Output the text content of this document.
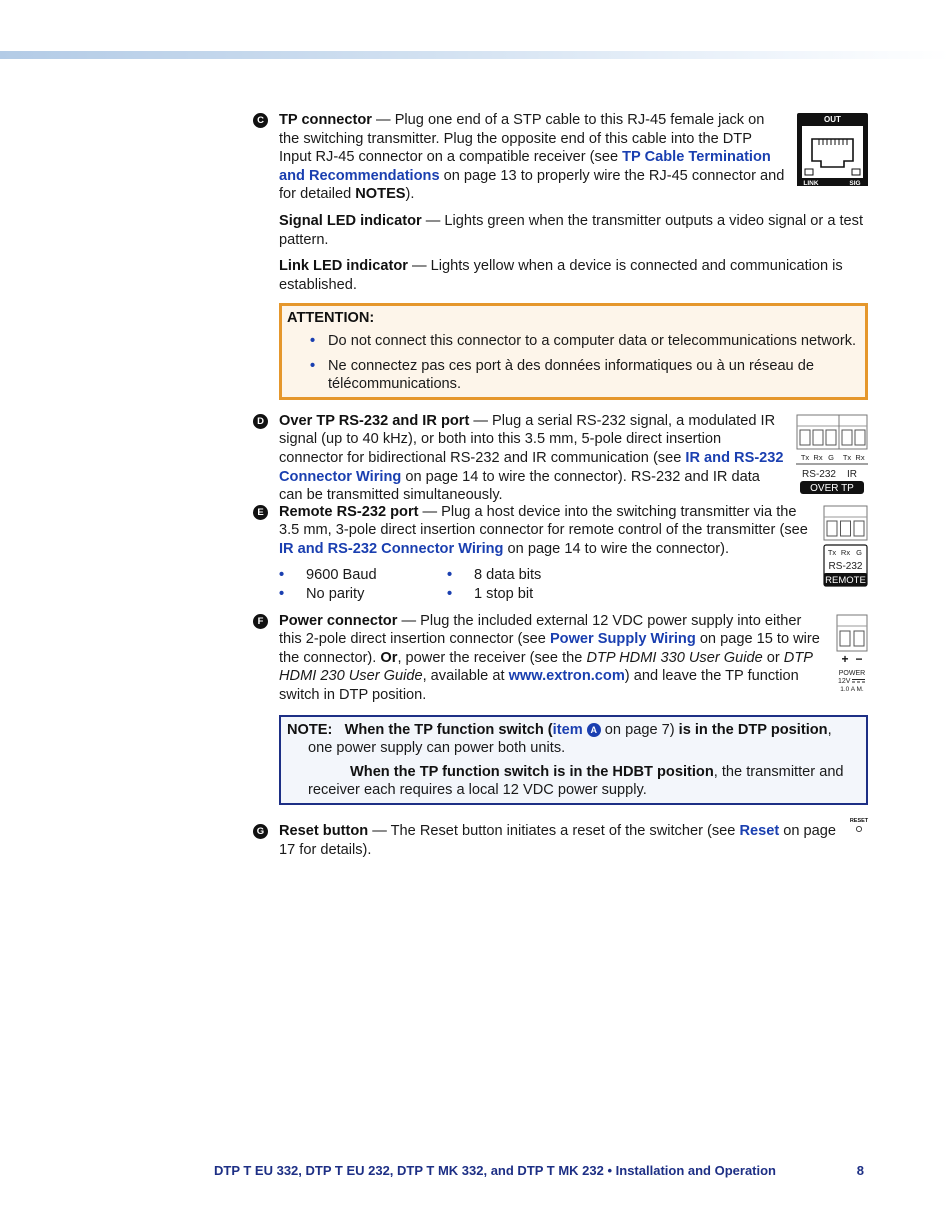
C	OUT
LINK	SIG

TP connector — Plug one end of a STP cable to this RJ-45 female jack on the switching transmitter. Plug the opposite end of this cable into the DTP Input RJ-45 connector on a compatible receiver (see TP Cable Termination and Recommendations on page 13 to properly wire the RJ-45 connector and for detailed NOTES).

Signal LED indicator — Lights green when the transmitter outputs a video signal or a test pattern.

Link LED indicator — Lights yellow when a device is connected and communication is established.

ATTENTION:
• Do not connect this connector to a computer data or telecommunications network.
• Ne connectez pas ces port à des données informatiques ou à un réseau de télécommunications.
D
Tx Rx G Tx Rx
RS-232 IR
OVER TP

Over TP RS-232 and IR port — Plug a serial RS-232 signal, a modulated IR signal (up to 40 kHz), or both into this 3.5 mm, 5-pole direct insertion connector for bidirectional RS-232 and IR communication (see IR and RS-232 Connector Wiring on page 14 to wire the connector). RS-232 and IR data can be transmitted simultaneously.

E
Tx Rx G
RS-232
REMOTE

Remote RS-232 port — Plug a host device into the switching transmitter via the 3.5 mm, 3-pole direct insertion connector for remote control of the transmitter (see IR and RS-232 Connector Wiring on page 14 to wire the connector).

• 9600 Baud
• No parity
• 8 data bits
• 1 stop bit
F
+ −
POWER
12V
1.0 A M.

Power connector — Plug the included external 12 VDC power supply into either this 2-pole direct insertion connector (see Power Supply Wiring on page 15 to wire the connector). Or, power the receiver (see the DTP HDMI 330 User Guide or DTP HDMI 230 User Guide, available at www.extron.com) and leave the TP function switch in DTP position.

NOTE: When the TP function switch (item A on page 7) is in the DTP position, one power supply can power both units.

When the TP function switch is in the HDBT position, the transmitter and receiver each requires a local 12 VDC power supply.

G
RESET

Reset button — The Reset button initiates a reset of the switcher (see Reset on page 17 for details).

DTP T EU 332, DTP T EU 232, DTP T MK 332, and DTP T MK 232 • Installation and Operation	8
